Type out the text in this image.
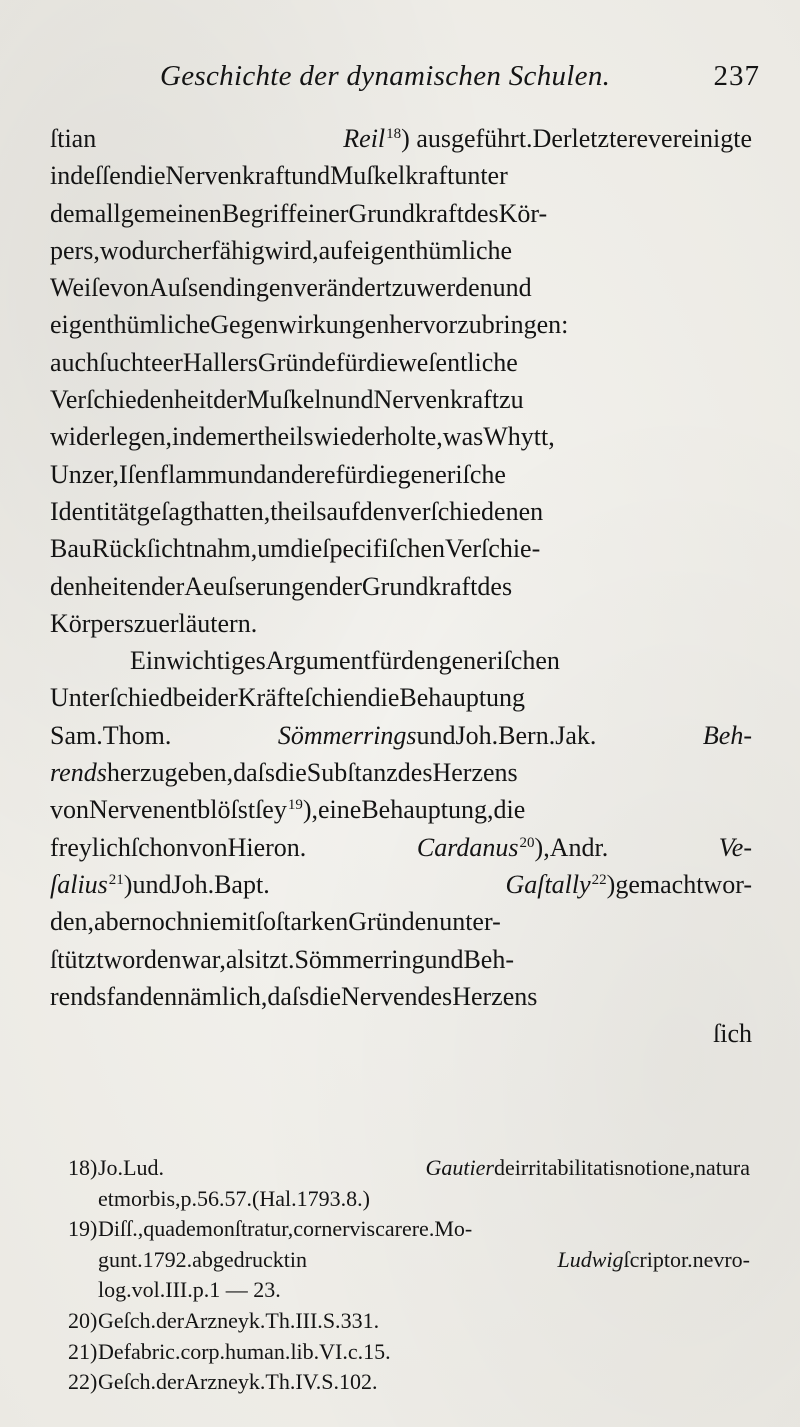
Geschichte der dynamischen Schulen.	237
ſtian	Reil$^{18}$) ausgeführt.Derletzterevereinigte
indeſſendieNervenkraftundMuſkelkraftunter
demallgemeinenBegriffeinerGrundkraftdesKör-
pers,wodurcherfähigwird,aufeigenthümliche
WeiſevonAuſsendingenverändertzuwerdenund
eigenthümlicheGegenwirkungenhervorzubringen:
auchſuchteerHallersGründefürdieweſentliche
VerſchiedenheitderMuſkelnundNervenkraftzu
widerlegen,indemertheilswiederholte,wasWhytt,
Unzer,Iſenflammundanderefürdiegeneriſche
Identitätgeſagthatten,theilsaufdenverſchiedenen
BauRückſichtnahm,umdieſpecifiſchenVerſchie-
denheitenderAeuſserungenderGrundkraftdes
Körperszuerläutern.
EinwichtigesArgumentfürdengeneriſchen
UnterſchiedbeiderKräfteſchiendieBehauptung
Sam.Thom.	SömmerringsundJoh.Bern.Jak.	Beh-
rendsherzugeben,daſsdieSubſtanzdesHerzens
vonNervenentblöſstſey$^{19}$),eineBehauptung,die
freylichſchonvonHieron.	Cardanus$^{20}$),Andr.	Ve-
ſalius$^{21}$)undJoh.Bapt.	Gaſtally$^{22}$)gemachtwor-
den,abernochniemitſoſtarkenGründenunter-
ſtütztwordenwar,alsitzt.SömmerringundBeh-
rendsfandennämlich,daſsdieNervendesHerzens
ſich
18)Jo.Lud.	Gautierdeirritabilitatisnotione,natura
etmorbis,p.56.57.(Hal.1793.8.)
19)Diſſ.,quademonſtratur,cornerviscarere.Mo-
gunt.1792.abgedrucktin	Ludwigſcriptor.nevro-
log.vol.III.p.1 — 23.
20)Geſch.derArzneyk.Th.III.S.331.
21)Defabric.corp.human.lib.VI.c.15.
22)Geſch.derArzneyk.Th.IV.S.102.
